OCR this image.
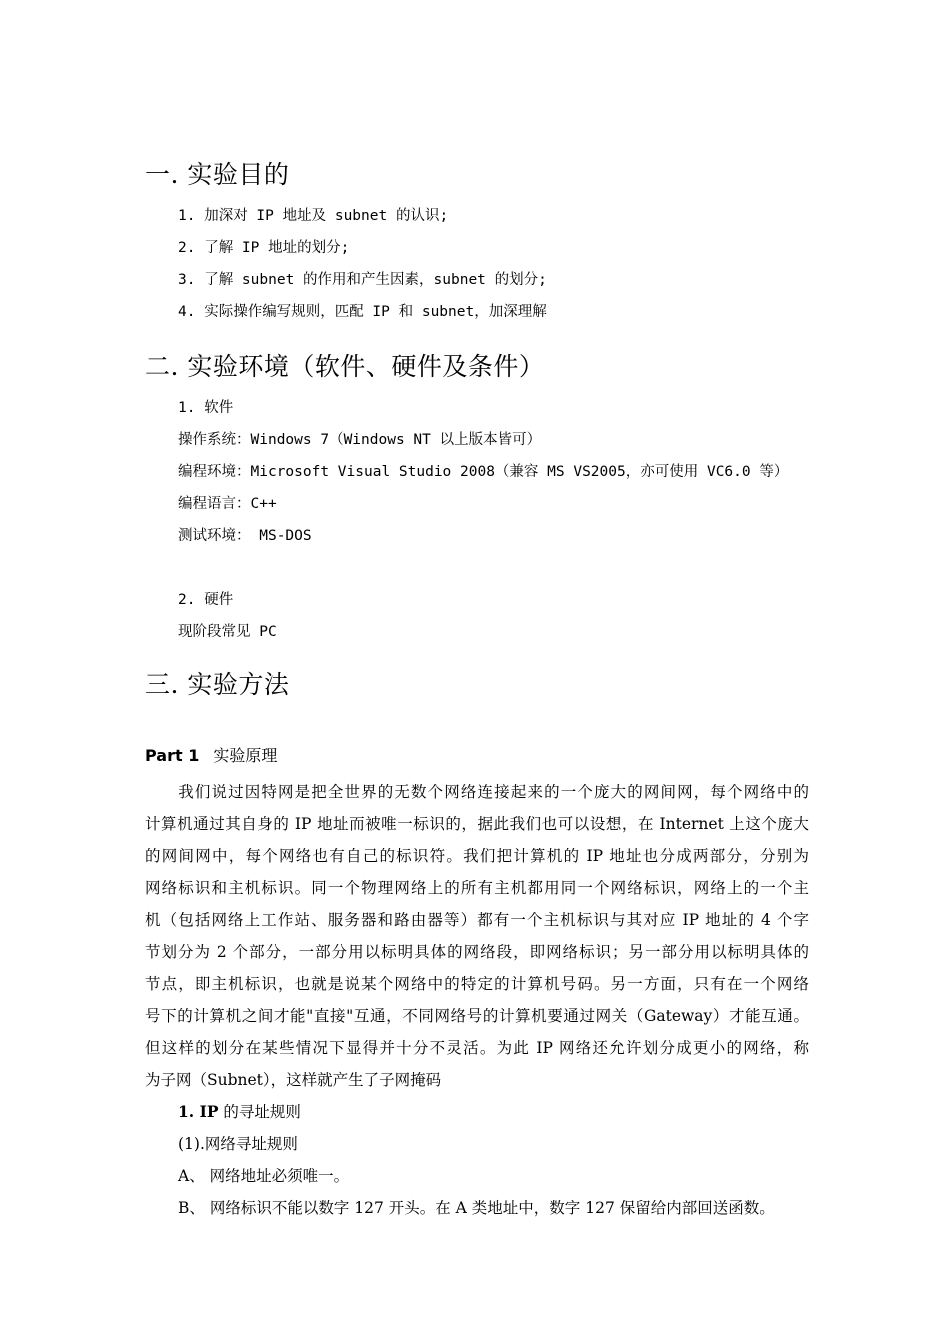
一. 实验目的
1. 加深对 IP 地址及 subnet 的认识;
2. 了解 IP 地址的划分;
3. 了解 subnet 的作用和产生因素，subnet 的划分;
4. 实际操作编写规则，匹配 IP 和 subnet，加深理解
二. 实验环境（软件、硬件及条件）
1. 软件
操作系统：Windows 7（Windows NT 以上版本皆可）
编程环境：Microsoft Visual Studio 2008（兼容 MS VS2005，亦可使用 VC6.0 等）
编程语言：C++
测试环境： MS-DOS
2. 硬件
现阶段常见 PC
三. 实验方法
Part 1 实验原理
　　我们说过因特网是把全世界的无数个网络连接起来的一个庞大的网间网，每个网络中的
计算机通过其自身的 IP 地址而被唯一标识的，据此我们也可以设想，在 Internet 上这个庞大
的网间网中，每个网络也有自己的标识符。我们把计算机的 IP 地址也分成两部分，分别为
网络标识和主机标识。同一个物理网络上的所有主机都用同一个网络标识，网络上的一个主
机（包括网络上工作站、服务器和路由器等）都有一个主机标识与其对应 IP 地址的 4 个字
节划分为 2 个部分，一部分用以标明具体的网络段，即网络标识；另一部分用以标明具体的
节点，即主机标识，也就是说某个网络中的特定的计算机号码。另一方面，只有在一个网络
号下的计算机之间才能"直接"互通，不同网络号的计算机要通过网关（Gateway）才能互通。
但这样的划分在某些情况下显得并十分不灵活。为此 IP 网络还允许划分成更小的网络，称
为子网（Subnet），这样就产生了子网掩码
1. IP 的寻址规则
(1).网络寻址规则
A、 网络地址必须唯一。
B、 网络标识不能以数字 127 开头。在 A 类地址中，数字 127 保留给内部回送函数。
